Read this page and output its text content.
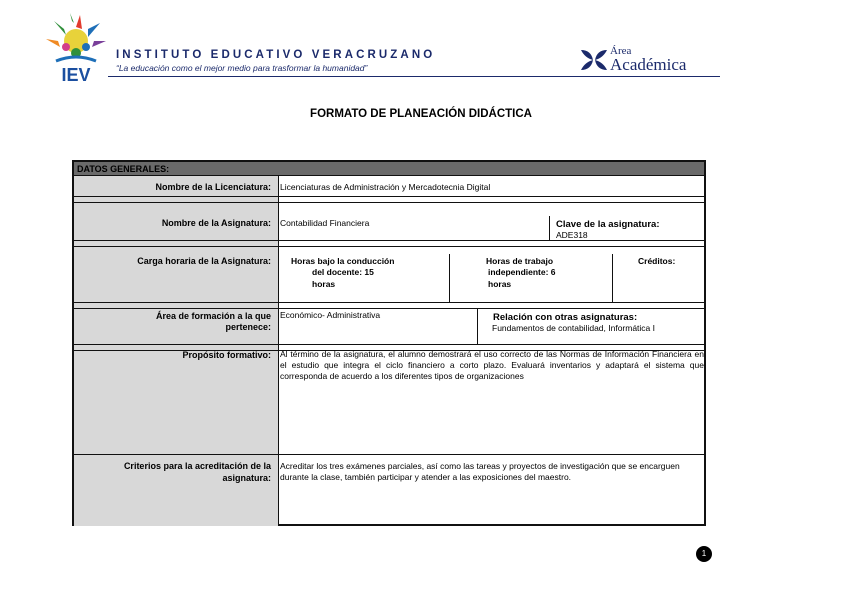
IEV
INSTITUTO EDUCATIVO VERACRUZANO
“La educación como el mejor medio para trasformar la humanidad”
Área
Académica
FORMATO DE PLANEACIÓN DIDÁCTICA
DATOS GENERALES:
Nombre de la Licenciatura: Licenciaturas de Administración y Mercadotecnia Digital
Nombre de la Asignatura: Contabilidad Financiera	Clave de la asignatura:
ADE318
Carga horaria de la Asignatura: Horas bajo la conducción
del docente: 15
horas
Horas de trabajo
independiente: 6
horas
Créditos:
Área de formación a la que
pertenece:
Económico- Administrativa	Relación con otras asignaturas:
Fundamentos de contabilidad, Informática I
Propósito formativo: Al término de la asignatura, el alumno demostrará el uso correcto de las Normas de Información Financiera en el estudio que integra el ciclo financiero a corto plazo. Evaluará inventarios y adaptará el sistema que corresponda de acuerdo a los diferentes tipos de organizaciones
Criterios para la acreditación de la
asignatura:
Acreditar los tres exámenes parciales, así como las tareas y proyectos de investigación que se encarguen durante la clase, también participar y atender a las exposiciones del maestro.
1
